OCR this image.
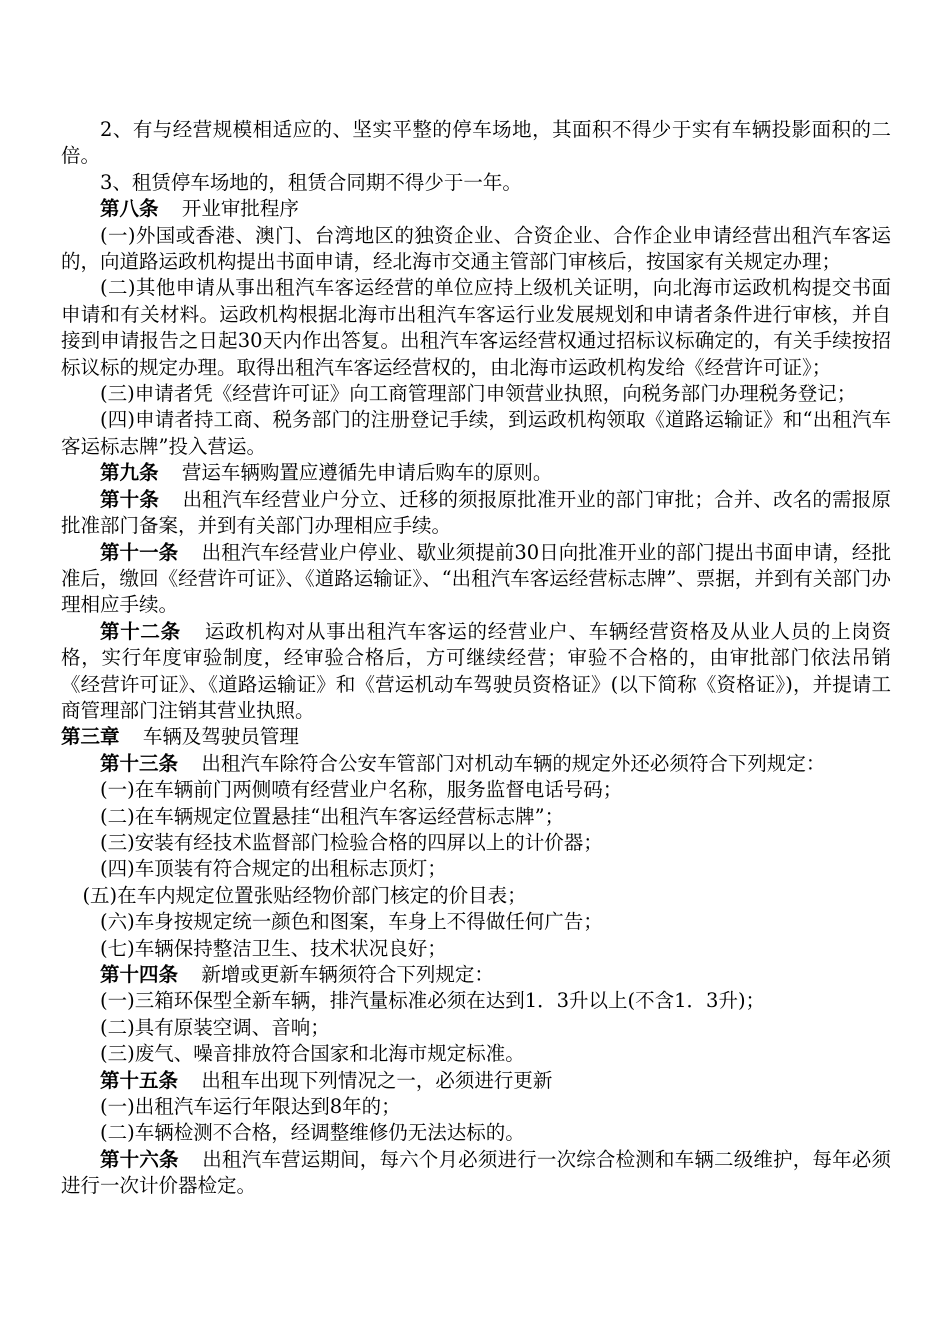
2、有与经营规模相适应的、坚实平整的停车场地，其面积不得少于实有车辆投影面积的二倍。

3、租赁停车场地的，租赁合同期不得少于一年。

第八条 开业审批程序

(一)外国或香港、澳门、台湾地区的独资企业、合资企业、合作企业申请经营出租汽车客运的，向道路运政机构提出书面申请，经北海市交通主管部门审核后，按国家有关规定办理；

(二)其他申请从事出租汽车客运经营的单位应持上级机关证明，向北海市运政机构提交书面申请和有关材料。运政机构根据北海市出租汽车客运行业发展规划和申请者条件进行审核，并自接到申请报告之日起30天内作出答复。出租汽车客运经营权通过招标议标确定的，有关手续按招标议标的规定办理。取得出租汽车客运经营权的，由北海市运政机构发给《经营许可证》；

(三)申请者凭《经营许可证》向工商管理部门申领营业执照，向税务部门办理税务登记；

(四)申请者持工商、税务部门的注册登记手续，到运政机构领取《道路运输证》和“出租汽车客运标志牌”投入营运。

第九条 营运车辆购置应遵循先申请后购车的原则。

第十条 出租汽车经营业户分立、迁移的须报原批准开业的部门审批；合并、改名的需报原批准部门备案，并到有关部门办理相应手续。

第十一条 出租汽车经营业户停业、歇业须提前30日向批准开业的部门提出书面申请，经批准后，缴回《经营许可证》、《道路运输证》、“出租汽车客运经营标志牌”、票据，并到有关部门办理相应手续。

第十二条 运政机构对从事出租汽车客运的经营业户、车辆经营资格及从业人员的上岗资格，实行年度审验制度，经审验合格后，方可继续经营；审验不合格的，由审批部门依法吊销《经营许可证》、《道路运输证》和《营运机动车驾驶员资格证》(以下简称《资格证》)，并提请工商管理部门注销其营业执照。

第三章 车辆及驾驶员管理

第十三条 出租汽车除符合公安车管部门对机动车辆的规定外还必须符合下列规定：

(一)在车辆前门两侧喷有经营业户名称，服务监督电话号码；

(二)在车辆规定位置悬挂“出租汽车客运经营标志牌”；

(三)安装有经技术监督部门检验合格的四屏以上的计价器；

(四)车顶装有符合规定的出租标志顶灯；

(五)在车内规定位置张贴经物价部门核定的价目表；

(六)车身按规定统一颜色和图案，车身上不得做任何广告；

(七)车辆保持整洁卫生、技术状况良好；

第十四条 新增或更新车辆须符合下列规定：

(一)三箱环保型全新车辆，排汽量标准必须在达到1．3升以上(不含1．3升)；

(二)具有原装空调、音响；

(三)废气、噪音排放符合国家和北海市规定标准。

第十五条 出租车出现下列情况之一，必须进行更新

(一)出租汽车运行年限达到8年的；

(二)车辆检测不合格，经调整维修仍无法达标的。

第十六条 出租汽车营运期间，每六个月必须进行一次综合检测和车辆二级维护，每年必须进行一次计价器检定。
